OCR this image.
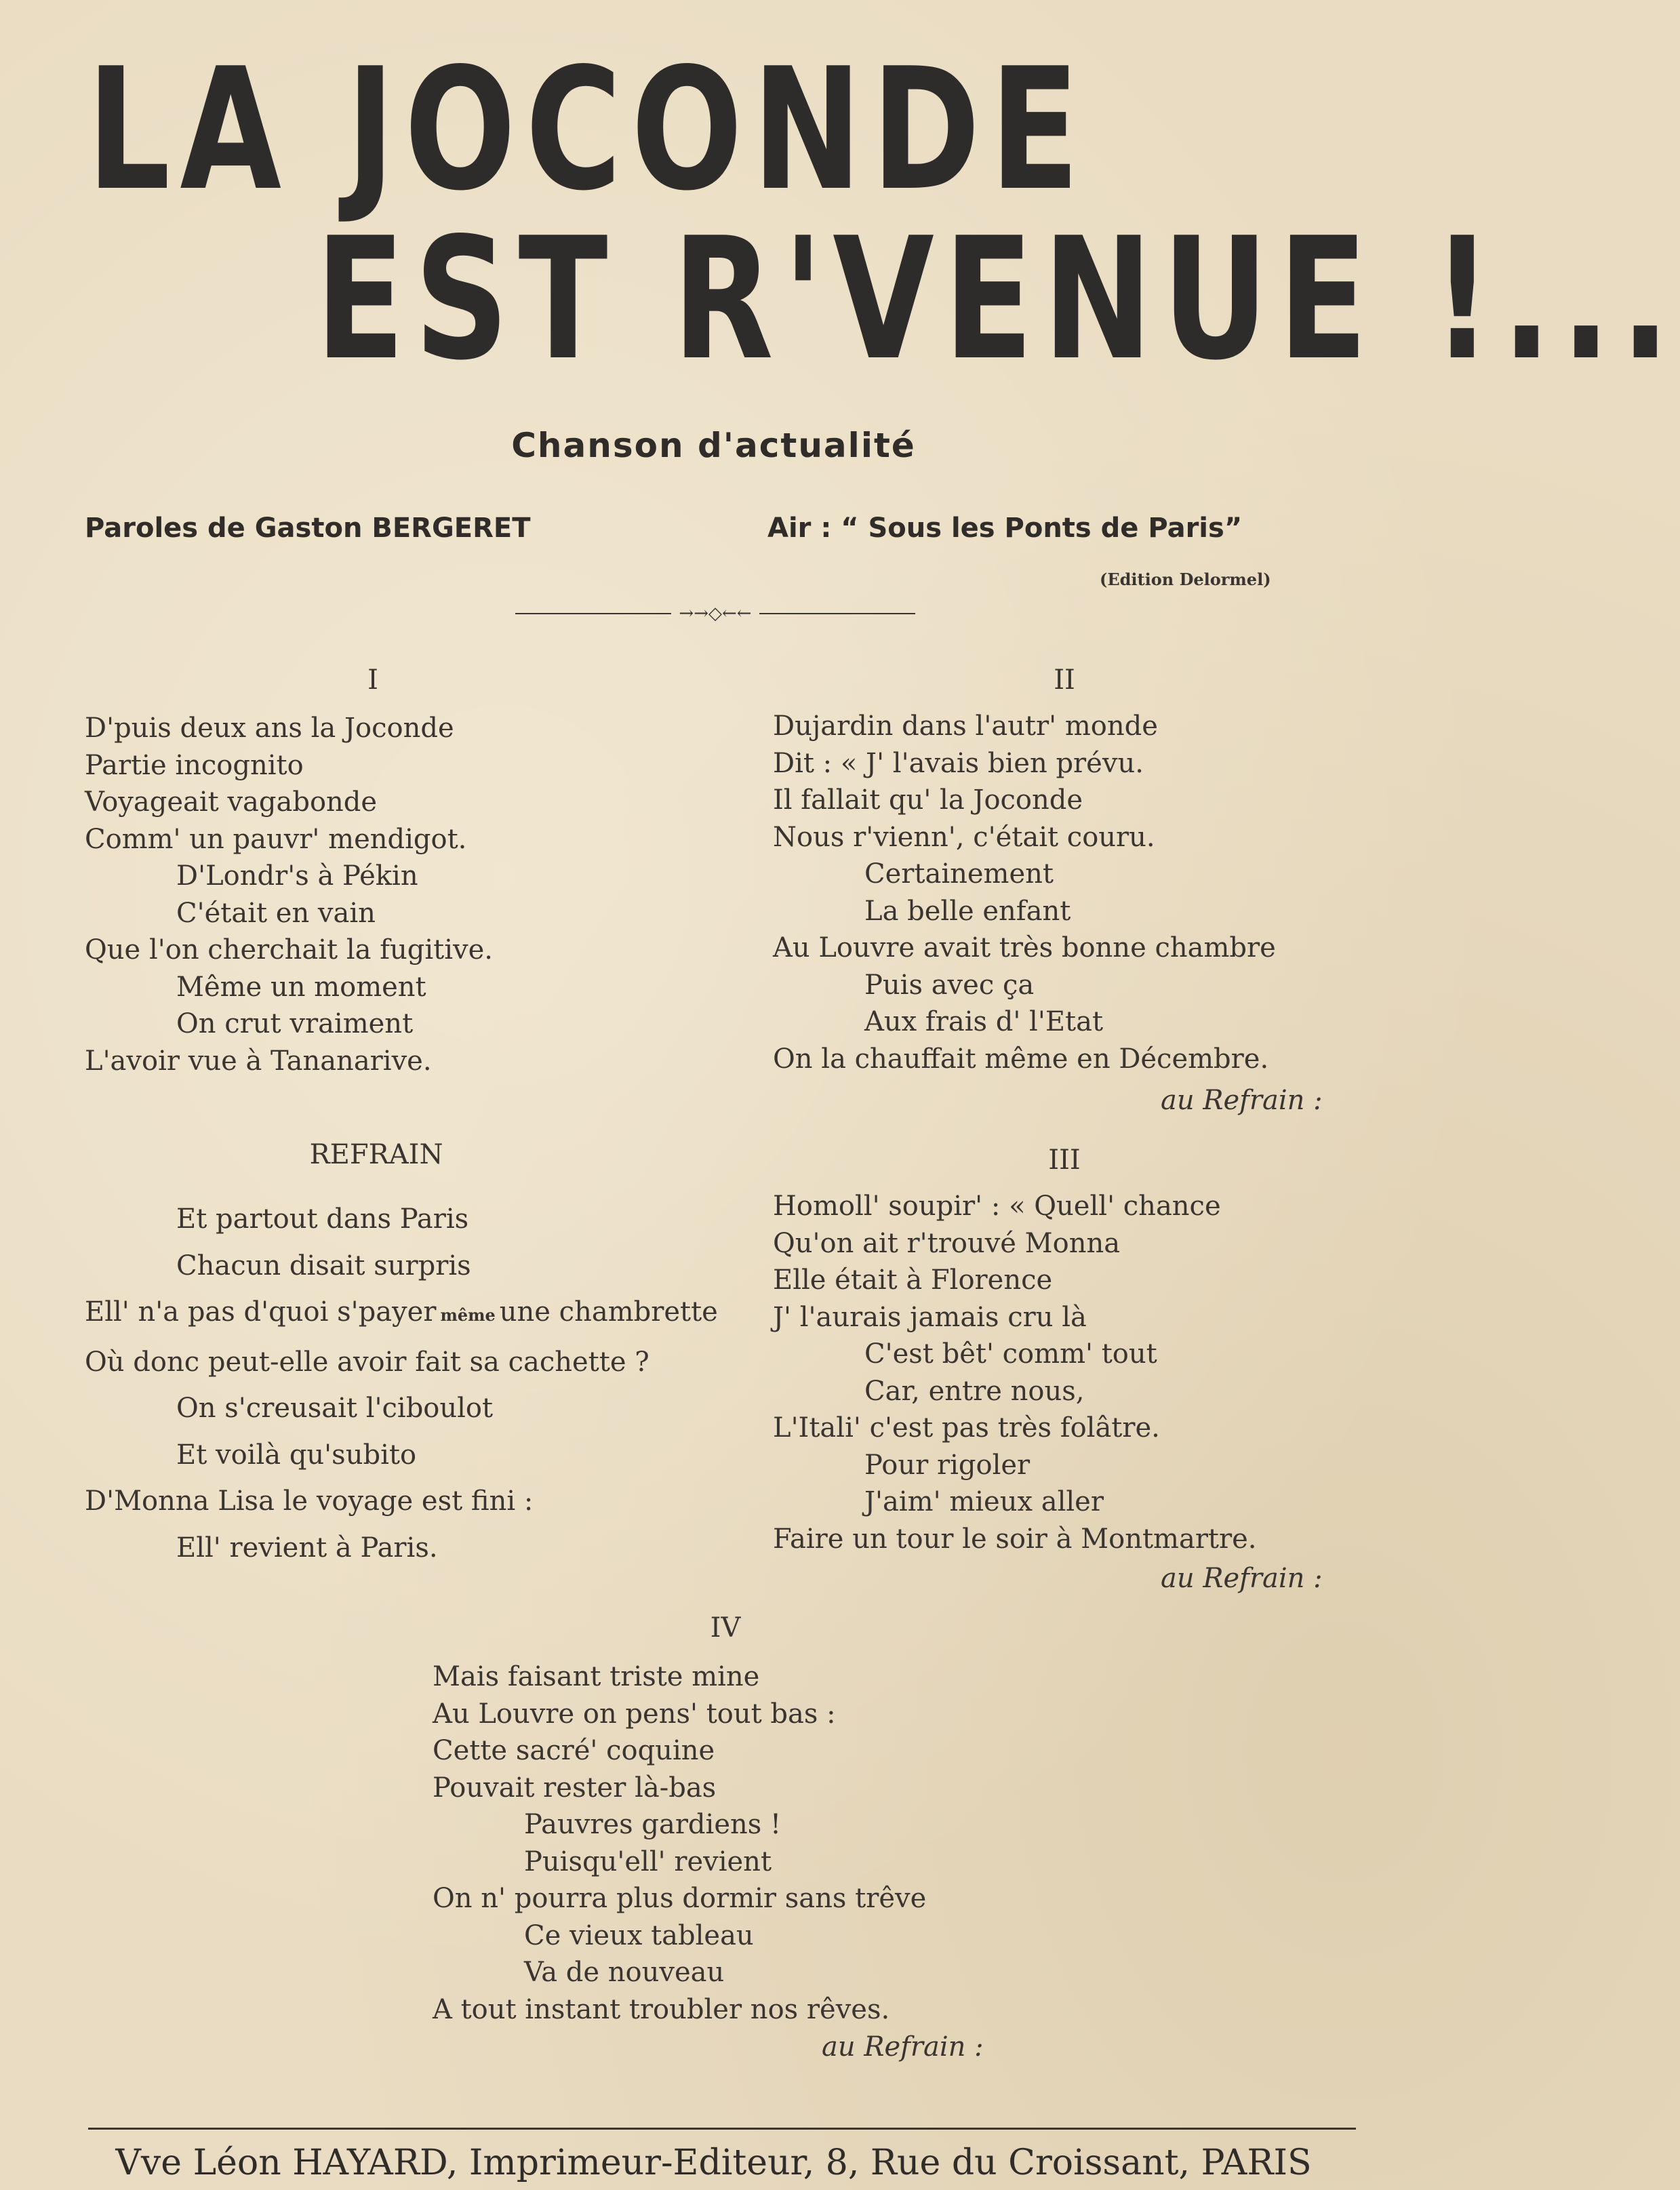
LA JOCONDE
EST R'VENUE !...
Chanson d'actualité
Paroles de Gaston BERGERET	Air : “ Sous les Ponts de Paris”
(Edition Delormel)
→→◇←←
I
D'puis deux ans la Joconde
Partie incognito
Voyageait vagabonde
Comm' un pauvr' mendigot.
D'Londr's à Pékin
C'était en vain
Que l'on cherchait la fugitive.
Même un moment
On crut vraiment
L'avoir vue à Tananarive.
II
Dujardin dans l'autr' monde
Dit : « J' l'avais bien prévu.
Il fallait qu' la Joconde
Nous r'vienn', c'était couru.
Certainement
La belle enfant
Au Louvre avait très bonne chambre
Puis avec ça
Aux frais d' l'Etat
On la chauffait même en Décembre.
au Refrain :
REFRAIN
Et partout dans Paris
Chacun disait surpris
Ell' n'a pas d'quoi s'payer même une chambrette
Où donc peut-elle avoir fait sa cachette ?
On s'creusait l'ciboulot
Et voilà qu'subito
D'Monna Lisa le voyage est fini :
Ell' revient à Paris.
III
Homoll' soupir' : « Quell' chance
Qu'on ait r'trouvé Monna
Elle était à Florence
J' l'aurais jamais cru là
C'est bêt' comm' tout
Car, entre nous,
L'Itali' c'est pas très folâtre.
Pour rigoler
J'aim' mieux aller
Faire un tour le soir à Montmartre.
au Refrain :
IV
Mais faisant triste mine
Au Louvre on pens' tout bas :
Cette sacré' coquine
Pouvait rester là-bas
Pauvres gardiens !
Puisqu'ell' revient
On n' pourra plus dormir sans trêve
Ce vieux tableau
Va de nouveau
A tout instant troubler nos rêves.
au Refrain :
Vve Léon HAYARD, Imprimeur-Editeur, 8, Rue du Croissant, PARIS
